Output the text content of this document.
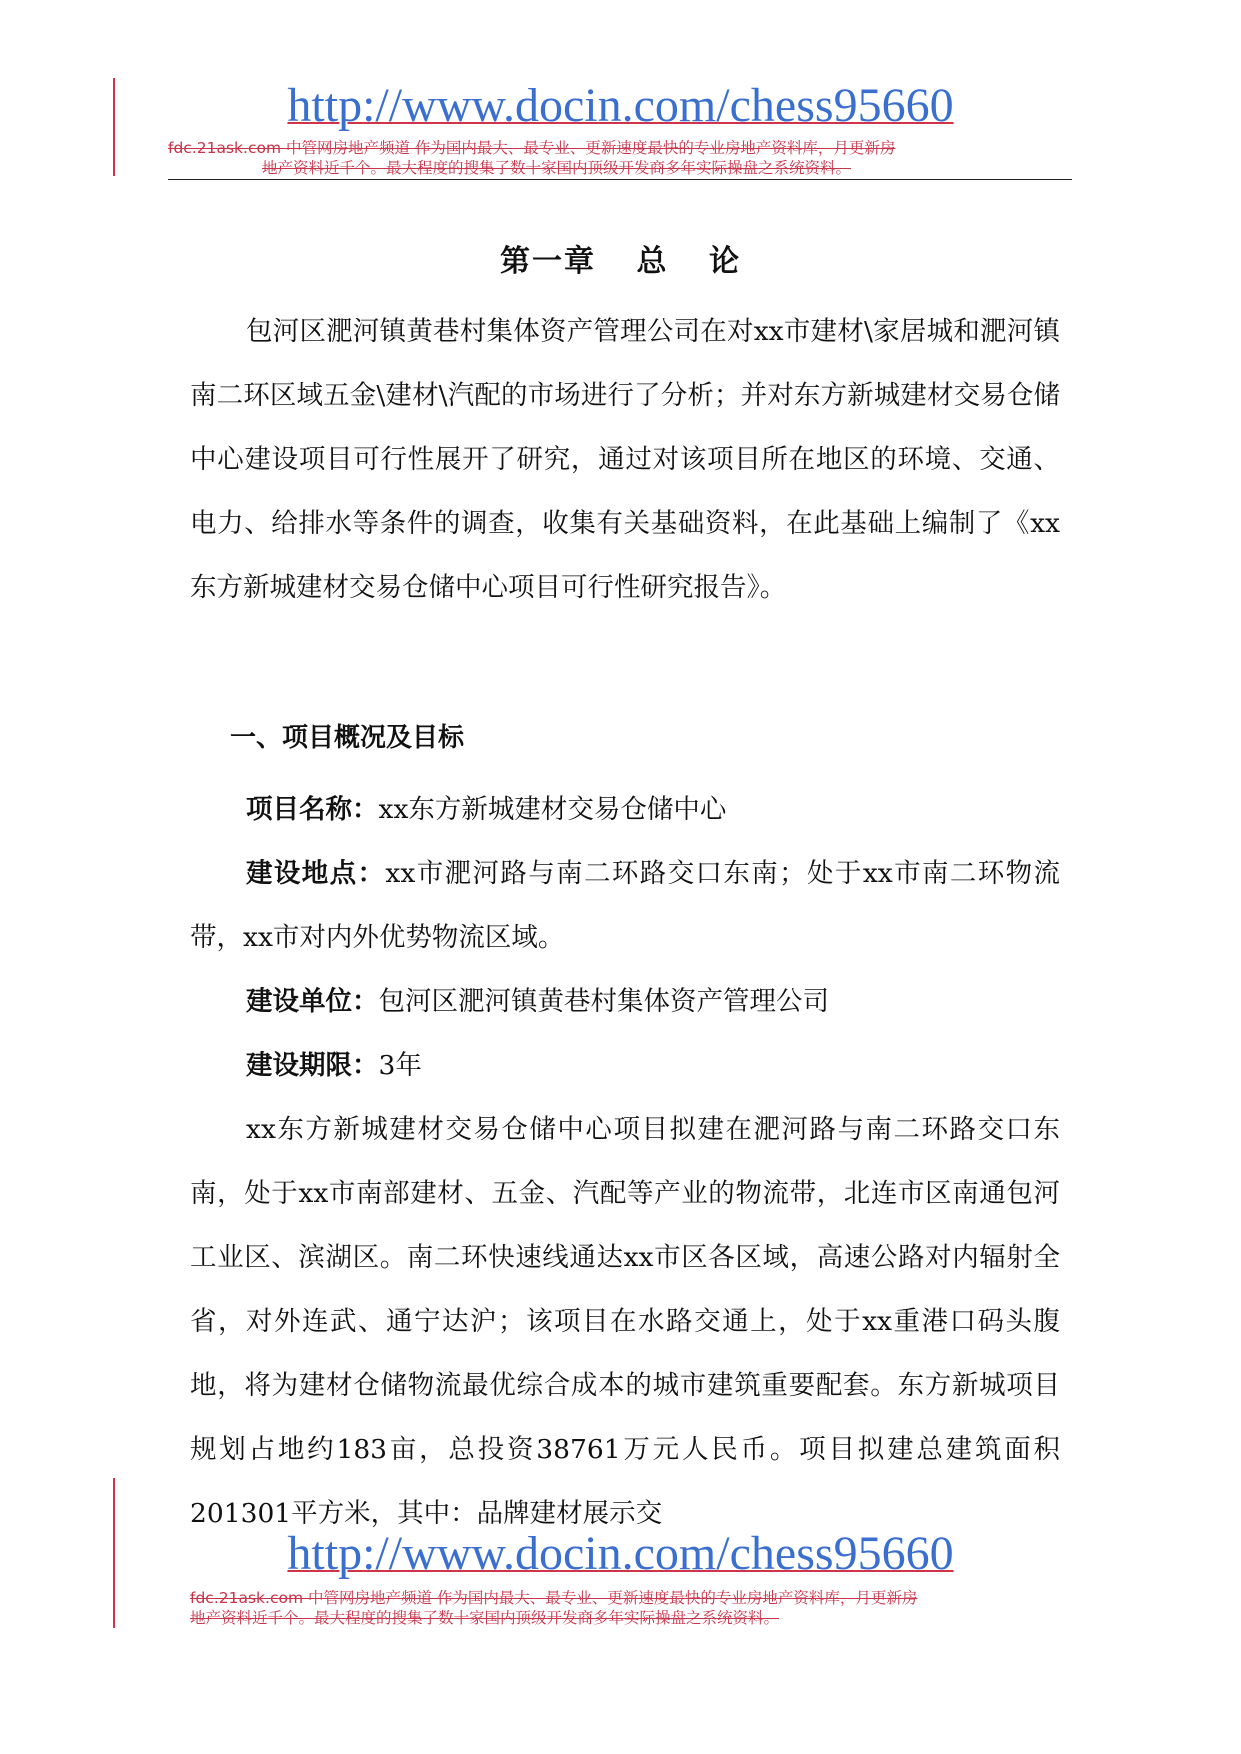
http://www.docin.com/chess95660
fdc.21ask.com 中管网房地产频道 作为国内最大、最专业、更新速度最快的专业房地产资料库，月更新房
地产资料近千个。最大程度的搜集了数十家国内顶级开发商多年实际操盘之系统资料。
第一章 总 论

包河区淝河镇黄巷村集体资产管理公司在对xx市建材\家居城和淝河镇南二环区域五金\建材\汽配的市场进行了分析；并对东方新城建材交易仓储中心建设项目可行性展开了研究，通过对该项目所在地区的环境、交通、电力、给排水等条件的调查，收集有关基础资料，在此基础上编制了《xx东方新城建材交易仓储中心项目可行性研究报告》。

一、项目概况及目标
项目名称：xx东方新城建材交易仓储中心
建设地点：xx市淝河路与南二环路交口东南；处于xx市南二环物流带，xx市对内外优势物流区域。
建设单位：包河区淝河镇黄巷村集体资产管理公司
建设期限：3年

xx东方新城建材交易仓储中心项目拟建在淝河路与南二环路交口东南，处于xx市南部建材、五金、汽配等产业的物流带，北连市区南通包河工业区、滨湖区。南二环快速线通达xx市区各区域，高速公路对内辐射全省，对外连武、通宁达沪；该项目在水路交通上，处于xx重港口码头腹地，将为建材仓储物流最优综合成本的城市建筑重要配套。东方新城项目规划占地约183亩，总投资38761万元人民币。项目拟建总建筑面积201301平方米，其中：品牌建材展示交

http://www.docin.com/chess95660
fdc.21ask.com 中管网房地产频道 作为国内最大、最专业、更新速度最快的专业房地产资料库，月更新房
地产资料近千个。最大程度的搜集了数十家国内顶级开发商多年实际操盘之系统资料。
